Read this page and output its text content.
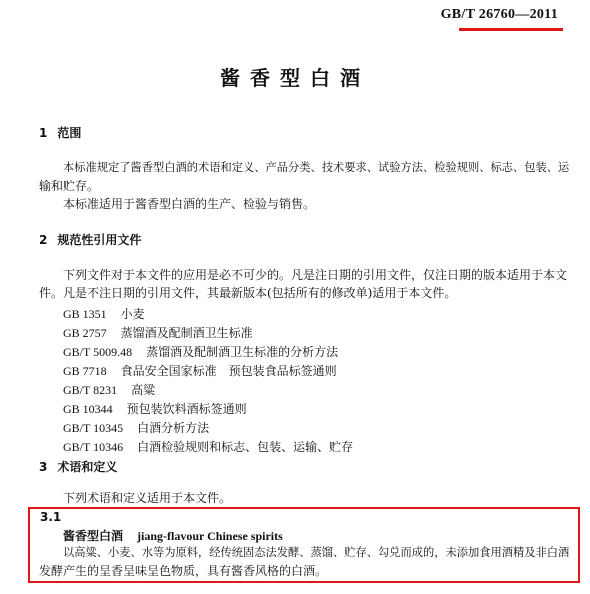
GB/T 26760—2011
酱香型白酒
1 范围
本标准规定了酱香型白酒的术语和定义、产品分类、技术要求、试验方法、检验规则、标志、包装、运
输和贮存。
本标准适用于酱香型白酒的生产、检验与销售。
2 规范性引用文件
下列文件对于本文件的应用是必不可少的。凡是注日期的引用文件，仅注日期的版本适用于本文
件。凡是不注日期的引用文件，其最新版本(包括所有的修改单)适用于本文件。
GB 1351 小麦
GB 2757 蒸馏酒及配制酒卫生标准
GB/T 5009.48 蒸馏酒及配制酒卫生标准的分析方法
GB 7718 食品安全国家标准　预包装食品标签通则
GB/T 8231 高粱
GB 10344 预包装饮料酒标签通则
GB/T 10345 白酒分析方法
GB/T 10346 白酒检验规则和标志、包装、运输、贮存
3 术语和定义
下列术语和定义适用于本文件。
3.1
酱香型白酒 jiang-flavour Chinese spirits
以高粱、小麦、水等为原料，经传统固态法发酵、蒸馏、贮存、勾兑而成的，未添加食用酒精及非白酒
发酵产生的呈香呈味呈色物质，具有酱香风格的白酒。
